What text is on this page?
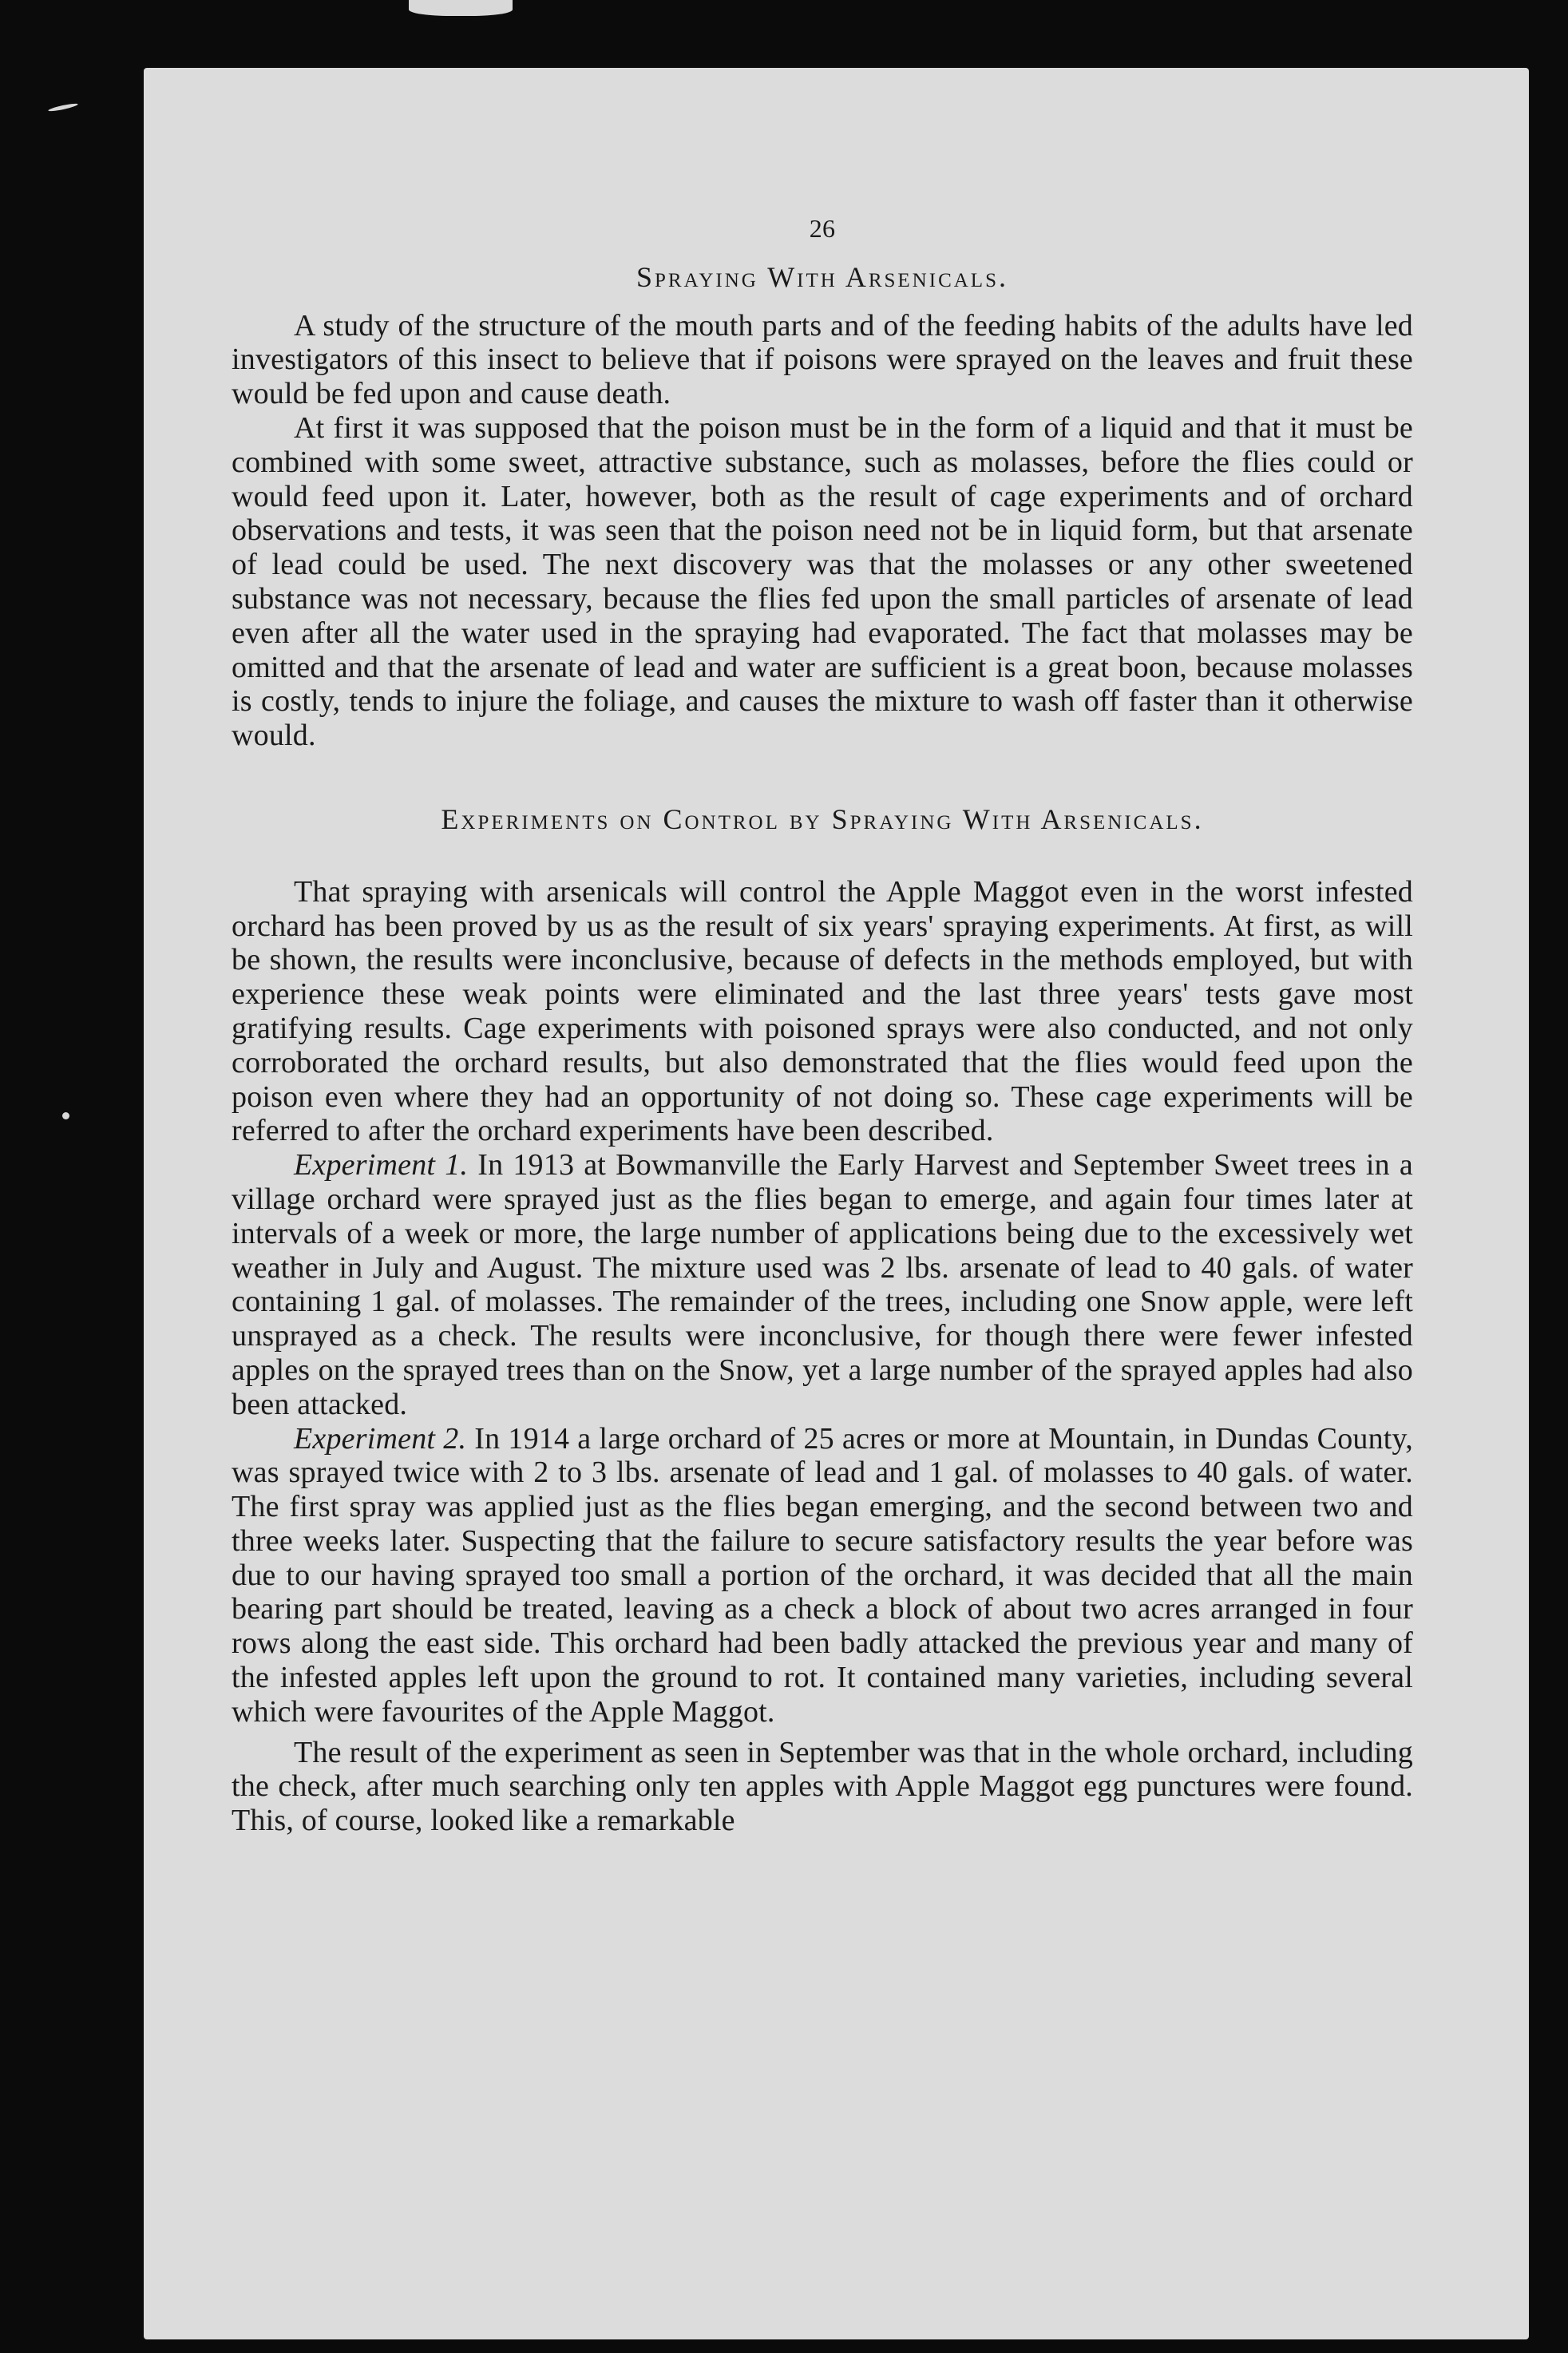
26
Spraying With Arsenicals.

A study of the structure of the mouth parts and of the feeding habits of the adults have led investigators of this insect to believe that if poisons were sprayed on the leaves and fruit these would be fed upon and cause death.

At first it was supposed that the poison must be in the form of a liquid and that it must be combined with some sweet, attractive substance, such as molasses, before the flies could or would feed upon it. Later, however, both as the result of cage experiments and of orchard observations and tests, it was seen that the poison need not be in liquid form, but that arsenate of lead could be used. The next discovery was that the molasses or any other sweetened substance was not necessary, because the flies fed upon the small particles of arsenate of lead even after all the water used in the spraying had evaporated. The fact that molasses may be omitted and that the arsenate of lead and water are sufficient is a great boon, because molasses is costly, tends to injure the foliage, and causes the mixture to wash off faster than it otherwise would.

Experiments on Control by Spraying With Arsenicals.

That spraying with arsenicals will control the Apple Maggot even in the worst infested orchard has been proved by us as the result of six years' spraying experiments. At first, as will be shown, the results were inconclusive, because of defects in the methods employed, but with experience these weak points were eliminated and the last three years' tests gave most gratifying results. Cage experiments with poisoned sprays were also conducted, and not only corroborated the orchard results, but also demonstrated that the flies would feed upon the poison even where they had an opportunity of not doing so. These cage experiments will be referred to after the orchard experiments have been described.

Experiment 1. In 1913 at Bowmanville the Early Harvest and September Sweet trees in a village orchard were sprayed just as the flies began to emerge, and again four times later at intervals of a week or more, the large number of applications being due to the excessively wet weather in July and August. The mixture used was 2 lbs. arsenate of lead to 40 gals. of water containing 1 gal. of molasses. The remainder of the trees, including one Snow apple, were left unsprayed as a check. The results were inconclusive, for though there were fewer infested apples on the sprayed trees than on the Snow, yet a large number of the sprayed apples had also been attacked.

Experiment 2. In 1914 a large orchard of 25 acres or more at Mountain, in Dundas County, was sprayed twice with 2 to 3 lbs. arsenate of lead and 1 gal. of molasses to 40 gals. of water. The first spray was applied just as the flies began emerging, and the second between two and three weeks later. Suspecting that the failure to secure satisfactory results the year before was due to our having sprayed too small a portion of the orchard, it was decided that all the main bearing part should be treated, leaving as a check a block of about two acres arranged in four rows along the east side. This orchard had been badly attacked the previous year and many of the infested apples left upon the ground to rot. It contained many varieties, including several which were favourites of the Apple Maggot.

The result of the experiment as seen in September was that in the whole orchard, including the check, after much searching only ten apples with Apple Maggot egg punctures were found. This, of course, looked like a remarkable
